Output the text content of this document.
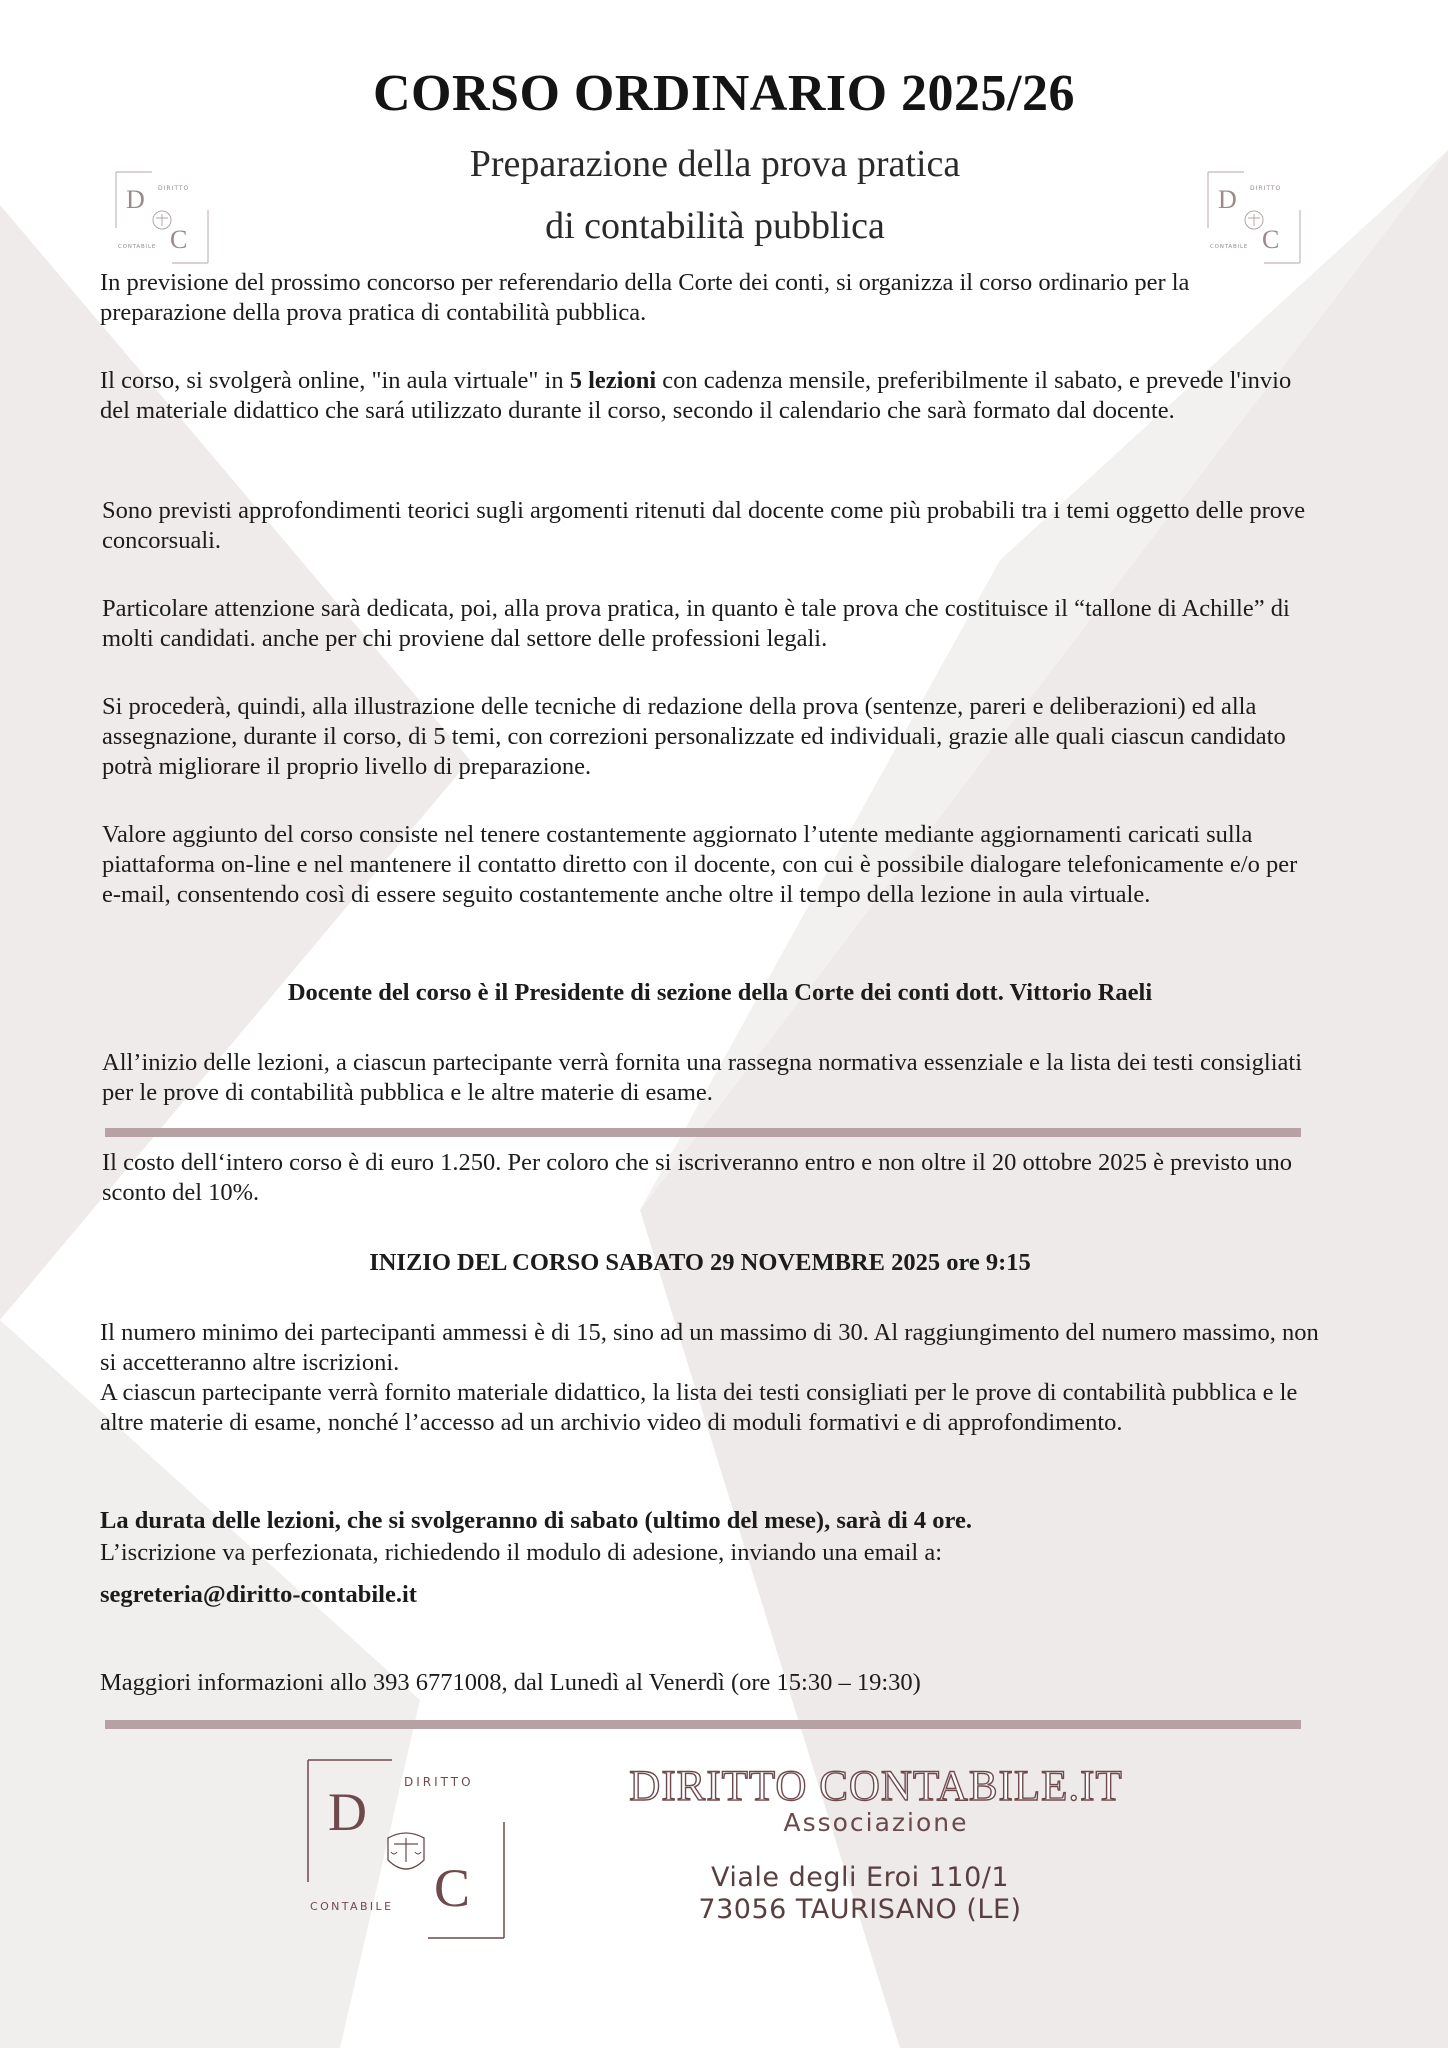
D
C
DIRITTO
CONTABILE
D
C
DIRITTO
CONTABILE
CORSO ORDINARIO 2025/26
Preparazione della prova pratica
di contabilità pubblica

In previsione del prossimo concorso per referendario della Corte dei conti, si organizza il corso ordinario per la preparazione della prova pratica di contabilità pubblica.

Il corso, si svolgerà online, "in aula virtuale" in 5 lezioni con cadenza mensile, preferibilmente il sabato, e prevede l'invio del materiale didattico che sará utilizzato durante il corso, secondo il calendario che sarà formato dal docente.

Sono previsti approfondimenti teorici sugli argomenti ritenuti dal docente come più probabili tra i temi oggetto delle prove concorsuali.

Particolare attenzione sarà dedicata, poi, alla prova pratica, in quanto è tale prova che costituisce il “tallone di Achille” di molti candidati. anche per chi proviene dal settore delle professioni legali.

Si procederà, quindi, alla illustrazione delle tecniche di redazione della prova (sentenze, pareri e deliberazioni) ed alla assegnazione, durante il corso, di 5 temi, con correzioni personalizzate ed individuali, grazie alle quali ciascun candidato potrà migliorare il proprio livello di preparazione.

Valore aggiunto del corso consiste nel tenere costantemente aggiornato l’utente mediante aggiornamenti caricati sulla piattaforma on-line e nel mantenere il contatto diretto con il docente, con cui è possibile dialogare telefonicamente e/o per e-mail, consentendo così di essere seguito costantemente anche oltre il tempo della lezione in aula virtuale.

Docente del corso è il Presidente di sezione della Corte dei conti dott. Vittorio Raeli

All’inizio delle lezioni, a ciascun partecipante verrà fornita una rassegna normativa essenziale e la lista dei testi consigliati per le prove di contabilità pubblica e le altre materie di esame.

Il costo dell‘intero corso è di euro 1.250. Per coloro che si iscriveranno entro e non oltre il 20 ottobre 2025 è previsto uno sconto del 10%.

INIZIO DEL CORSO SABATO 29 NOVEMBRE 2025 ore 9:15

Il numero minimo dei partecipanti ammessi è di 15, sino ad un massimo di 30. Al raggiungimento del numero massimo, non si accetteranno altre iscrizioni.

A ciascun partecipante verrà fornito materiale didattico, la lista dei testi consigliati per le prove di contabilità pubblica e le altre materie di esame, nonché l’accesso ad un archivio video di moduli formativi e di approfondimento.

La durata delle lezioni, che si svolgeranno di sabato (ultimo del mese), sarà di 4 ore.

L’iscrizione va perfezionata, richiedendo il modulo di adesione, inviando una email a:

segreteria@diritto-contabile.it

Maggiori informazioni allo 393 6771008, dal Lunedì al Venerdì (ore 15:30 – 19:30)

D
C
DIRITTO
CONTABILE
DIRITTO CONTABILE.IT
Associazione
Viale degli Eroi 110/1
73056 TAURISANO (LE)
